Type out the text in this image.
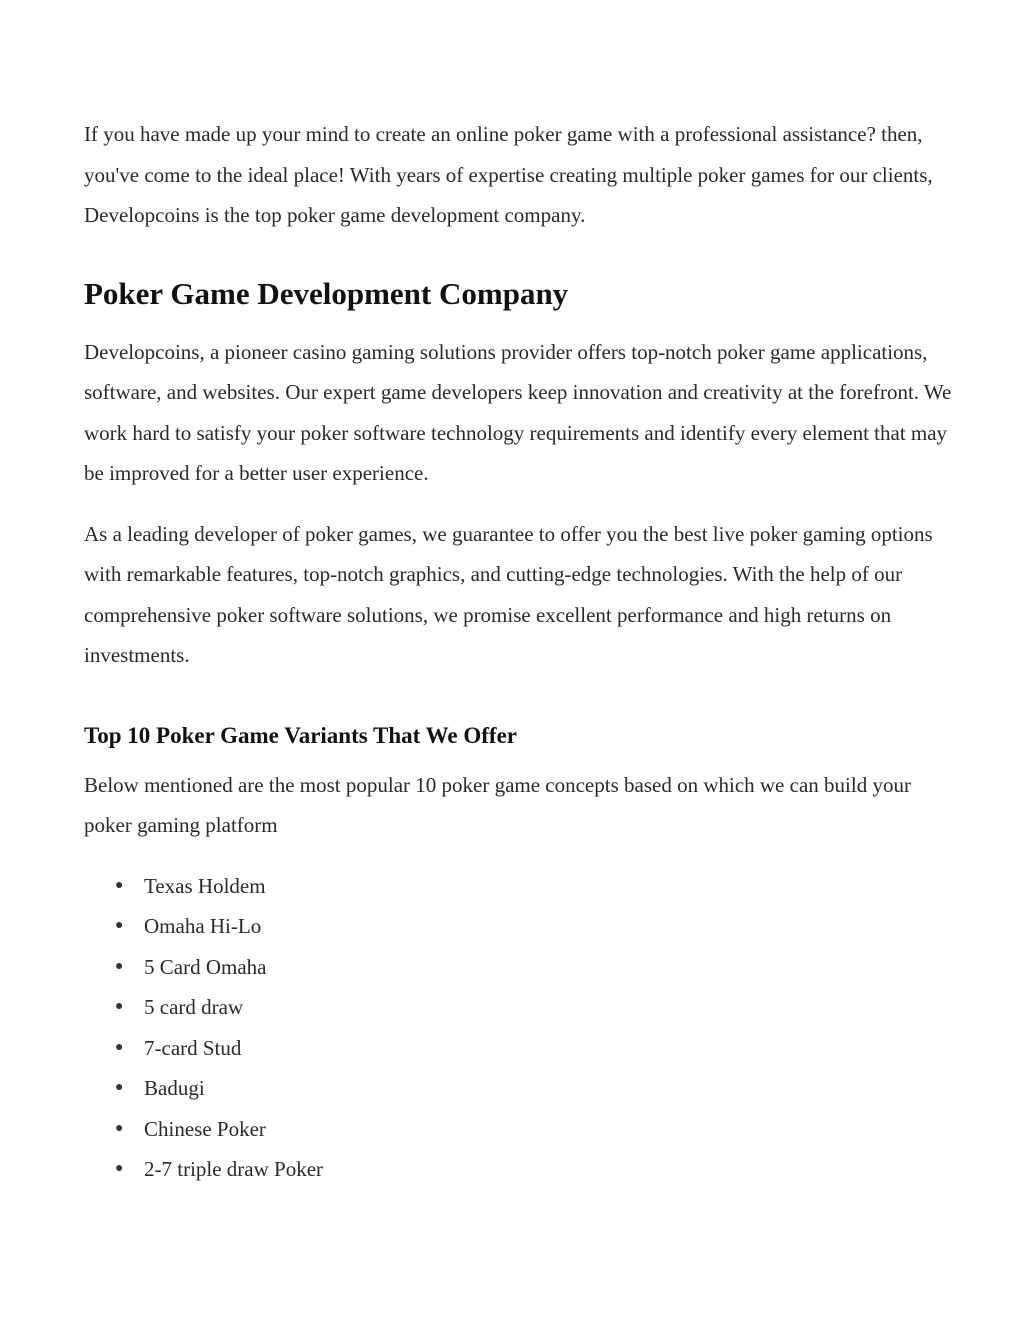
If you have made up your mind to create an online poker game with a professional assistance? then, you've come to the ideal place! With years of expertise creating multiple poker games for our clients, Developcoins is the top poker game development company.

Poker Game Development Company

Developcoins, a pioneer casino gaming solutions provider offers top-notch poker game applications, software, and websites. Our expert game developers keep innovation and creativity at the forefront. We work hard to satisfy your poker software technology requirements and identify every element that may be improved for a better user experience.

As a leading developer of poker games, we guarantee to offer you the best live poker gaming options with remarkable features, top-notch graphics, and cutting-edge technologies. With the help of our comprehensive poker software solutions, we promise excellent performance and high returns on investments.

Top 10 Poker Game Variants That We Offer

Below mentioned are the most popular 10 poker game concepts based on which we can build your poker gaming platform

● Texas Holdem
● Omaha Hi-Lo
● 5 Card Omaha
● 5 card draw
● 7-card Stud
● Badugi
● Chinese Poker
● 2-7 triple draw Poker
